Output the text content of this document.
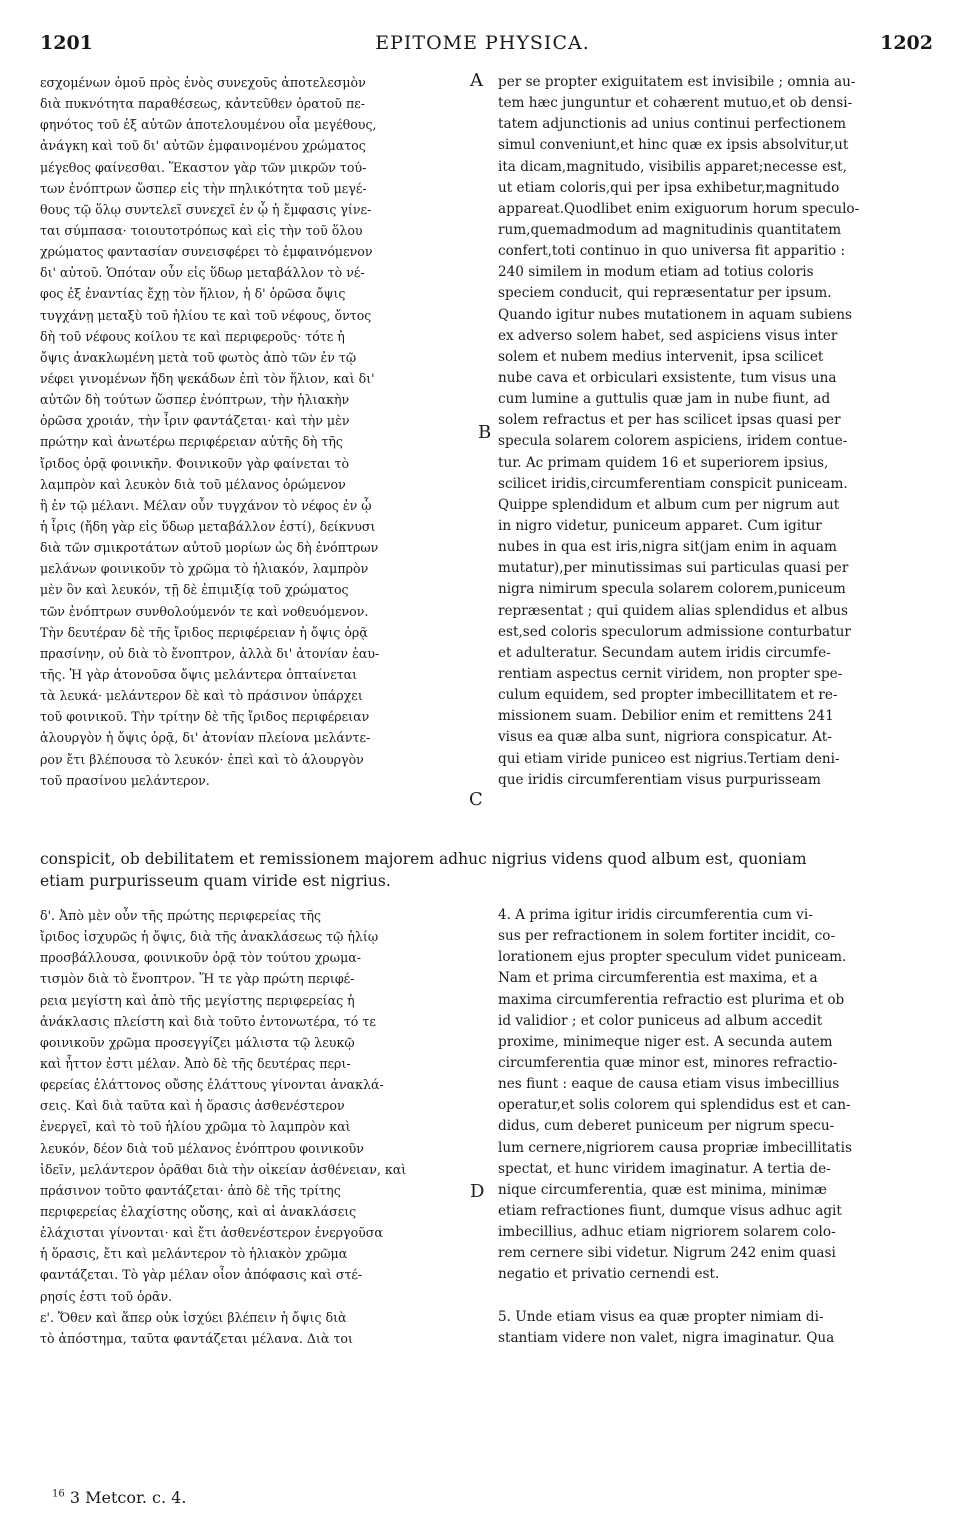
1201	EPITOME PHYSICA.	1202
εσχομένων ὁμοῦ πρὸς ἑνὸς συνεχοῦς ἀποτελεσμὸν
διὰ πυκνότητα παραθέσεως, κἀντεῦθεν ὁρατοῦ πε-
φηνότος τοῦ ἐξ αὐτῶν ἀποτελουμένου οἷα μεγέθους,
ἀνάγκη καὶ τοῦ δι' αὐτῶν ἐμφαινομένου χρώματος
μέγεθος φαίνεσθαι. Ἕκαστον γὰρ τῶν μικρῶν τού-
των ἐνόπτρων ὥσπερ εἰς τὴν πηλικότητα τοῦ μεγέ-
θους τῷ ὅλῳ συντελεῖ συνεχεῖ ἐν ᾧ ἡ ἔμφασις γίνε-
ται σύμπασα· τοιουτοτρόπως καὶ εἰς τὴν τοῦ ὅλου
χρώματος φαντασίαν συνεισφέρει τὸ ἐμφαινόμενον
δι' αὐτοῦ. Ὁπόταν οὖν εἰς ὕδωρ μεταβάλλον τὸ νέ-
φος ἐξ ἐναντίας ἔχῃ τὸν ἥλιον, ἡ δ' ὁρῶσα ὄψις
τυγχάνῃ μεταξὺ τοῦ ἡλίου τε καὶ τοῦ νέφους, ὄντος
δὴ τοῦ νέφους κοίλου τε καὶ περιφεροῦς· τότε ἡ
ὄψις ἀνακλωμένη μετὰ τοῦ φωτὸς ἀπὸ τῶν ἐν τῷ
νέφει γινομένων ἤδη ψεκάδων ἐπὶ τὸν ἥλιον, καὶ δι'
αὐτῶν δὴ τούτων ὥσπερ ἐνόπτρων, τὴν ἡλιακὴν
ὁρῶσα χροιάν, τὴν ἶριν φαντάζεται· καὶ τὴν μὲν
πρώτην καὶ ἀνωτέρω περιφέρειαν αὐτῆς δὴ τῆς
ἴριδος ὁρᾷ φοινικῆν. Φοινικοῦν γὰρ φαίνεται τὸ
λαμπρὸν καὶ λευκὸν διὰ τοῦ μέλανος ὁρώμενον
ἢ ἐν τῷ μέλανι. Μέλαν οὖν τυγχάνον τὸ νέφος ἐν ᾧ
ἡ ἶρις (ἤδη γὰρ εἰς ὕδωρ μεταβάλλον ἐστί), δείκνυσι
διὰ τῶν σμικροτάτων αὐτοῦ μορίων ὡς δὴ ἐνόπτρων
μελάνων φοινικοῦν τὸ χρῶμα τὸ ἡλιακόν, λαμπρὸν
μὲν ὂν καὶ λευκόν, τῇ δὲ ἐπιμιξίᾳ τοῦ χρώματος
τῶν ἐνόπτρων συνθολούμενόν τε καὶ νοθευόμενον.
Τὴν δευτέραν δὲ τῆς ἴριδος περιφέρειαν ἡ ὄψις ὁρᾷ
πρασίνην, οὐ διὰ τὸ ἔνοπτρον, ἀλλὰ δι' ἀτονίαν ἑαυ-
τῆς. Ἡ γὰρ ἀτονοῦσα ὄψις μελάντερα ὀπταίνεται
τὰ λευκά· μελάντερον δὲ καὶ τὸ πράσινον ὑπάρχει
τοῦ φοινικοῦ. Τὴν τρίτην δὲ τῆς ἴριδος περιφέρειαν
ἁλουργὸν ἡ ὄψις ὁρᾷ, δι' ἀτονίαν πλείονα μελάντε-
ρον ἔτι βλέπουσα τὸ λευκόν· ἐπεὶ καὶ τὸ ἁλουργὸν
τοῦ πρασίνου μελάντερον.
per se propter exiguitatem est invisibile ; omnia au-
tem hæc junguntur et cohærent mutuo,et ob densi-
tatem adjunctionis ad unius continui perfectionem
simul conveniunt,et hinc quæ ex ipsis absolvitur,ut
ita dicam,magnitudo, visibilis apparet;necesse est,
ut etiam coloris,qui per ipsa exhibetur,magnitudo
appareat.Quodlibet enim exiguorum horum speculo-
rum,quemadmodum ad magnitudinis quantitatem
confert,toti continuo in quo universa fit apparitio :
240 similem in modum etiam ad totius coloris
speciem conducit, qui repræsentatur per ipsum.
Quando igitur nubes mutationem in aquam subiens
ex adverso solem habet, sed aspiciens visus inter
solem et nubem medius intervenit, ipsa scilicet
nube cava et orbiculari exsistente, tum visus una
cum lumine a guttulis quæ jam in nube fiunt, ad
solem refractus et per has scilicet ipsas quasi per
specula solarem colorem aspiciens, iridem contue-
tur. Ac primam quidem 16 et superiorem ipsius,
scilicet iridis,circumferentiam conspicit puniceam.
Quippe splendidum et album cum per nigrum aut
in nigro videtur, puniceum apparet. Cum igitur
nubes in qua est iris,nigra sit(jam enim in aquam
mutatur),per minutissimas sui particulas quasi per
nigra nimirum specula solarem colorem,puniceum
repræsentat ; qui quidem alias splendidus et albus
est,sed coloris speculorum admissione conturbatur
et adulteratur. Secundam autem iridis circumfe-
rentiam aspectus cernit viridem, non propter spe-
culum equidem, sed propter imbecillitatem et re-
missionem suam. Debilior enim et remittens 241
visus ea quæ alba sunt, nigriora conspicatur. At-
qui etiam viride puniceo est nigrius.Tertiam deni-
que iridis circumferentiam visus purpurisseam
A
B
C
D
conspicit, ob debilitatem et remissionem majorem adhuc nigrius videns quod album est, quoniam
etiam purpurisseum quam viride est nigrius.
δ'. Ἀπὸ μὲν οὖν τῆς πρώτης περιφερείας τῆς
ἴριδος ἰσχυρῶς ἡ ὄψις, διὰ τῆς ἀνακλάσεως τῷ ἡλίῳ
προσβάλλουσα, φοινικοῦν ὁρᾷ τὸν τούτου χρωμα-
τισμὸν διὰ τὸ ἔνοπτρον. Ἥ τε γὰρ πρώτη περιφέ-
ρεια μεγίστη καὶ ἀπὸ τῆς μεγίστης περιφερείας ἡ
ἀνάκλασις πλείστη καὶ διὰ τοῦτο ἐντονωτέρα, τό τε
φοινικοῦν χρῶμα προσεγγίζει μάλιστα τῷ λευκῷ
καὶ ἧττον ἐστι μέλαν. Ἀπὸ δὲ τῆς δευτέρας περι-
φερείας ἐλάττονος οὔσης ἐλάττους γίνονται ἀνακλά-
σεις. Καὶ διὰ ταῦτα καὶ ἡ ὅρασις ἀσθενέστερον
ἐνεργεῖ, καὶ τὸ τοῦ ἡλίου χρῶμα τὸ λαμπρὸν καὶ
λευκόν, δέον διὰ τοῦ μέλανος ἐνόπτρου φοινικοῦν
ἰδεῖν, μελάντερον ὁρᾶθαι διὰ τὴν οἰκείαν ἀσθένειαν, καὶ
πράσινον τοῦτο φαντάζεται· ἀπὸ δὲ τῆς τρίτης
περιφερείας ἐλαχίστης οὔσης, καὶ αἱ ἀνακλάσεις
ἐλάχισται γίνονται· καὶ ἔτι ἀσθενέστερον ἐνεργοῦσα
ἡ ὅρασις, ἔτι καὶ μελάντερον τὸ ἡλιακὸν χρῶμα
φαντάζεται. Τὸ γὰρ μέλαν οἷον ἀπόφασις καὶ στέ-
ρησίς ἐστι τοῦ ὁρᾶν.
ε'. Ὅθεν καὶ ἅπερ οὐκ ἰσχύει βλέπειν ἡ ὄψις διὰ
τὸ ἀπόστημα, ταῦτα φαντάζεται μέλανα. Διὰ τοι
4. A prima igitur iridis circumferentia cum vi-
sus per refractionem in solem fortiter incidit, co-
lorationem ejus propter speculum videt puniceam.
Nam et prima circumferentia est maxima, et a
maxima circumferentia refractio est plurima et ob
id validior ; et color puniceus ad album accedit
proxime, minimeque niger est. A secunda autem
circumferentia quæ minor est, minores refractio-
nes fiunt : eaque de causa etiam visus imbecillius
operatur,et solis colorem qui splendidus est et can-
didus, cum deberet puniceum per nigrum specu-
lum cernere,nigriorem causa propriæ imbecillitatis
spectat, et hunc viridem imaginatur. A tertia de-
nique circumferentia, quæ est minima, minimæ
etiam refractiones fiunt, dumque visus adhuc agit
imbecillius, adhuc etiam nigriorem solarem colo-
rem cernere sibi videtur. Nigrum 242 enim quasi
negatio et privatio cernendi est.
5. Unde etiam visus ea quæ propter nimiam di-
stantiam videre non valet, nigra imaginatur. Qua
$^{16}$ 3 Metcor. c. 4.
